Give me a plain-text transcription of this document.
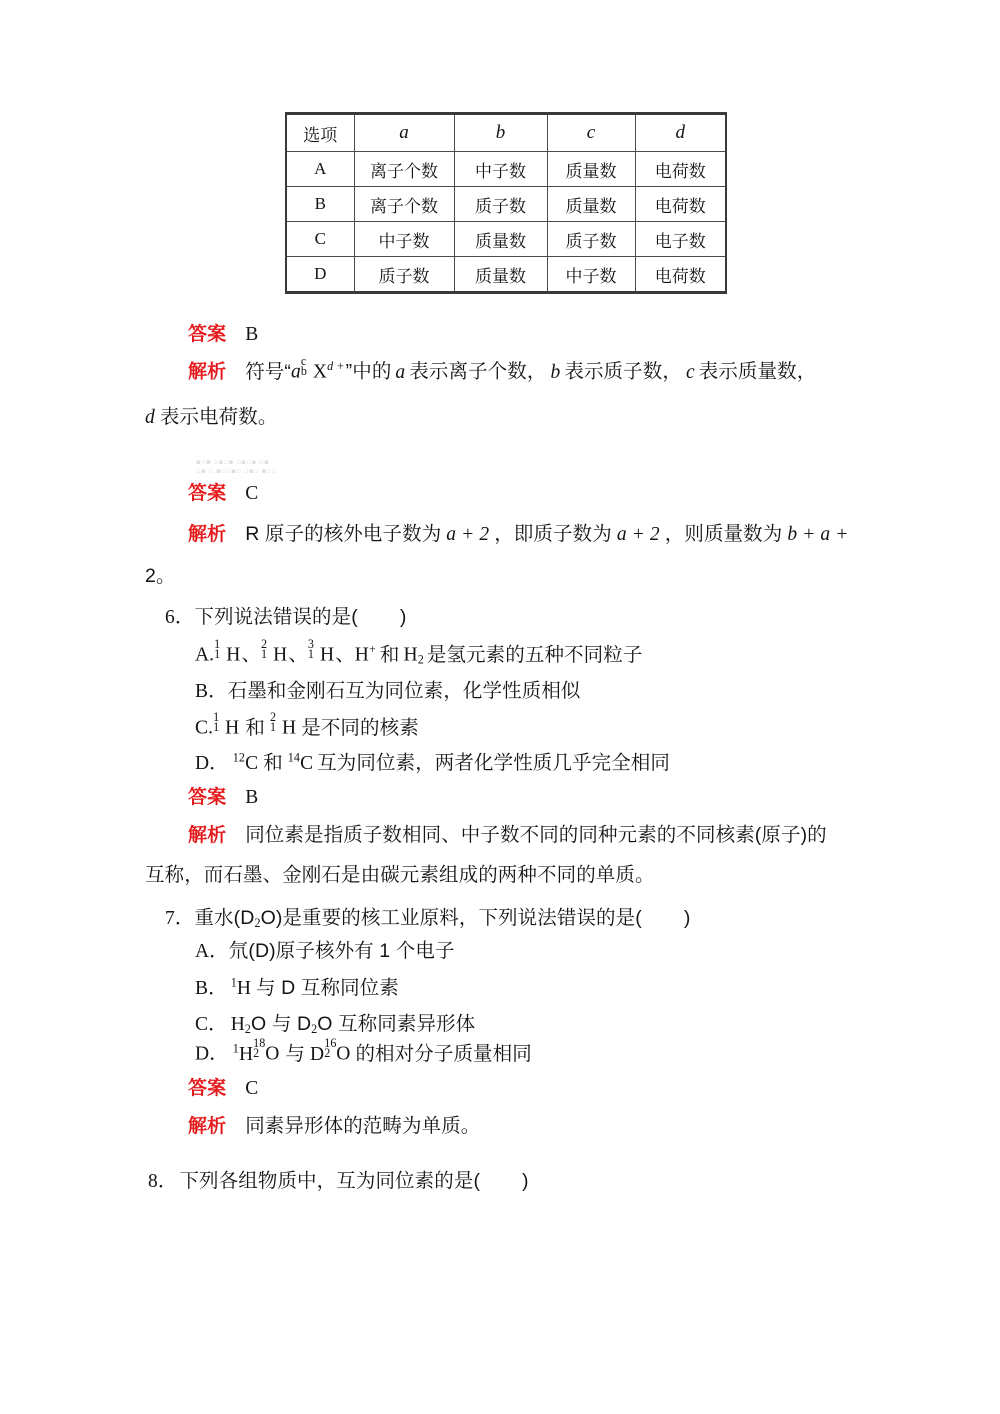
选项	a	b	c	d
A	离子个数	中子数	质量数	电荷数
B	离子个数	质子数	质量数	电荷数
C	中子数	质量数	质子数	电子数
D	质子数	质量数	中子数	电荷数
答案 B
解析 符号“a
c
b $X^{d +}$”中的 a 表示离子个数， b 表示质子数， c 表示质量数，
d 表示电荷数。
▪▫▪ ▫▪▫▪ ▫▪▫▪ ▫▪
▫▪ ▫ ▪▫▫▪▫ ▫▪▫ ▪▫▫
答案 C
解析 R 原子的核外电子数为 a + 2 ，即质子数为 a + 2 ，则质量数为 b + a +
2。
6．下列说法错误的是( )
A.
1
1 H、 2
1 H、 3
1 H、H+ 和 $H_2$ 是氢元素的五种不同粒子
B．石墨和金刚石互为同位素，化学性质相似
C.
1
1 H 和 2
1 H 是不同的核素
D． $^{12}$C 和 $^{14}$C 互为同位素，两者化学性质几乎完全相同
答案 B
解析 同位素是指质子数相同、中子数不同的同种元素的不同核素(原子)的
互称，而石墨、金刚石是由碳元素组成的两种不同的单质。
7．重水$(D_2O)$是重要的核工业原料，下列说法错误的是( )
A．氘(D)原子核外有 1 个电子
B． $^1$H 与 D 互称同位素
C． $H_2O$ 与 $D_2O$ 互称同素异形体
D． $^1$H
18
2 O 与 D
16
2 O 的相对分子质量相同
答案 C
解析 同素异形体的范畴为单质。
8． 下列各组物质中，互为同位素的是( )
